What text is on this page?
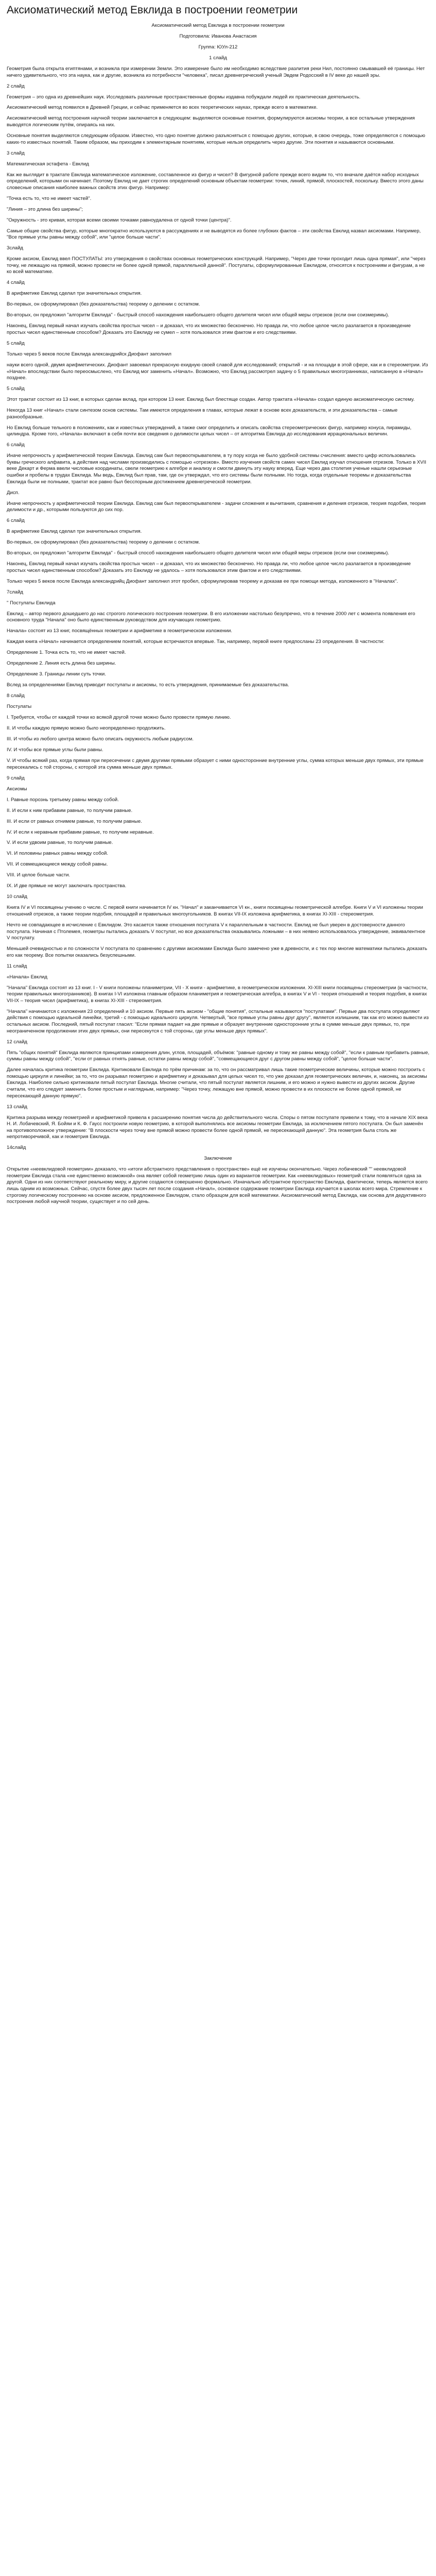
Аксиоматический метод Евклида в построении геометрии

Аксиоматический метод Евклида в построении геометрии

Подготовила: Иванова Анастасия

Группа: ЮУл-212

1 слайд

Геометрия была открыта египтянами, и возникла при измерении Земли. Это измерение было им необходимо вследствие разлития реки Нил, постоянно смывавшей её границы. Нет ничего удивительного, что эта наука, как и другие, возникла из потребности "человека", писал древнегреческий ученый Эвдем Родосский в IV веке до нашей эры.

2 слайд

Геометрия – это одна из древнейших наук. Исследовать различные пространственные формы издавна побуждали людей их практическая деятельность.

Аксиоматический метод появился в Древней Греции, и сейчас применяется во всех теоретических науках, прежде всего в математике.

Аксиоматический метод построения научной теории заключается в следующем: выделяются основные понятия, формулируются аксиомы теории, а все остальные утверждения выводятся логическим путём, опираясь на них.

Основные понятия выделяются следующим образом. Известно, что одно понятие должно разъясняться с помощью других, которые, в свою очередь, тоже определяются с помощью каких-то известных понятий. Таким образом, мы приходим к элементарным понятиям, которые нельзя определить через другие. Эти понятия и называются основными.

3 слайд

Математическая эстафета - Евклид

Как же выглядит в трактате Евклида математическое изложение, составленное из фигур и чисел? В фигурной работе прежде всего видим то, что вначале даётся набор исходных определений, которыми он начинает. Поэтому Евклид не дает строгих определений основным объектам геометрии: точек, линий, прямой, плоскостей, поскольку. Вместо этого даны словесные описания наиболее важных свойств этих фигур. Например:

"Точка есть то, что не имеет частей".

"Линия – это длина без ширины";

"Окружность - это кривая, которая всеми своими точками равноудалена от одной точки (центра)".

Самые общие свойства фигур, которые многократно используются в рассуждениях и не выводятся из более глубоких фактов – эти свойства Евклид назвал аксиомами. Например, "Все прямые углы равны между собой", или "целое больше части".

3слайд

Кроме аксиом, Евклид ввел ПОСТУЛАТЫ: это утверждения о свойствах основных геометрических конструкций. Например, "Через две точки проходит лишь одна прямая", или "через точку, не лежащую на прямой, можно провести не более одной прямой, параллельной данной". Постулаты, сформулированные Евклидом, относятся к построениям и фигурам, а не ко всей математике.

4 слайд

В арифметике Евклид сделал три значительных открытия.

Во-первых, он сформулировал (без доказательства) теорему о делении с остатком.

Во-вторых, он предложил "алгоритм Евклида" - быстрый способ нахождения наибольшего общего делителя чисел или общей меры отрезков (если они соизмеримы).

Наконец, Евклид первый начал изучать свойства простых чисел – и доказал, что их множество бесконечно. Но правда ли, что любое целое число разлагается в произведение простых чисел единственным способом? Доказать это Евклиду не сумел – хотя пользовался этим фактом и его следствиями.

5 слайд

Только через 5 веков после Евклида александрийск Диофант заполнил

науки всего одной, двумя арифметических. Диофант завоевал прекрасную ехидную своей славой для исследований; открытий - и на площади в этой сфере, как и в стереометрии. Из «Начал» впоследствии было переосмыслено, что Евклид мог заменить «Начал». Возможно, что Евклид рассмотрел задачу о 5 правильных многогранниках, написанную в «Начал» позднее.

5 слайд

Этот трактат состоит из 13 книг, в которых сделан вклад, при котором 13 книг. Евклид был блестяще создан. Автор трактата «Начала» создал единую аксиоматическую систему.

Некогда 13 книг «Начал» стали синтезом основ системы. Там имеются определения в главах, которые лежат в основе всех доказательств, и эти доказательства – самые разнообразные.

Но Евклид больше тельного в положениях, как и известных утверждений, а также смог определить и описать свойства стереометрических фигур, например конуса, пирамиды, цилиндра. Кроме того, «Начала» включают в себя почти все сведения о делимости целых чисел – от алгоритма Евклида до исследования иррациональных величин.

6 слайд

Иначе непрочность у арифметической теории Евклида. Евклид сам был первооткрывателем, в ту пору когда не было удобной системы счисления: вместо цифр использовались буквы греческого алфавита, а действия над числами производились с помощью «отрезков». Вместо изучения свойств самих чисел Евклид изучал отношения отрезков. Только в XVII веке Декарт и Ферма ввели числовые координаты, свели геометрию к алгебре и анализу и смогли двинуть эту науку вперед. Еще через два столетия ученые нашли серьезные ошибки и пробелы в трудах Евклида. Мы ведь, Евклид был прав, там, где он утверждал, что его системы были полными. Но тогда, когда отдельные теоремы и доказательства Евклида были не полными, трактат все равно был бесспорным достижением древнегреческой геометрии.

Дисп.

Иначе непрочность у арифметической теории Евклида. Евклид сам был первооткрывателем - задачи сложения и вычитания, сравнения и деления отрезков, теория подобия, теория делимости и др., которыми пользуются до сих пор.

6 слайд

В арифметике Евклид сделал три значительных открытия.

Во-первых, он сформулировал (без доказательства) теорему о делении с остатком.

Во-вторых, он предложил "алгоритм Евклида" - быстрый способ нахождения наибольшего общего делителя чисел или общей меры отрезков (если они соизмеримы).

Наконец, Евклид первый начал изучать свойства простых чисел – и доказал, что их множество бесконечно. Но правда ли, что любое целое число разлагается в произведение простых чисел единственным способом? Доказать это Евклиду не удалось – хотя пользовался этим фактом и его следствиями.

Только через 5 веков после Евклида александрийц Диофант заполнил этот пробел, сформулировав теорему и доказав ее при помощи метода, изложенного в "Началах".

7слайд

" Постулаты Евклида

Евклид – автор первого дошедшего до нас строгого логического построения геометрии. В его изложении настолько безупречно, что в течение 2000 лет с момента появления его основного труда "Начала" оно было единственным руководством для изучающих геометрию.

Начала» состоят из 13 книг, посвящённых геометрии и арифметике в геометрическом изложении.

Каждая книга «Начал» начинается определением понятий, которые встречаются впервые. Так, например, первой книге предпосланы 23 определения. В частности:

Определение 1. Точка есть то, что не имеет частей.

Определение 2. Линия есть длина без ширины.

Определение 3. Границы линии суть точки.

Вслед за определениями Евклид приводит постулаты и аксиомы, то есть утверждения, принимаемые без доказательства.

8 слайд

Постулаты

I. Требуется, чтобы от каждой точки ко всякой другой точке можно было провести прямую линию.

II. И чтобы каждую прямую можно было неопределенно продолжить.

III. И чтобы из любого центра можно было описать окружность любым радиусом.

IV. И чтобы все прямые углы были равны.

V. И чтобы всякий раз, когда прямая при пересечении с двумя другими прямыми образует с ними односторонние внутренние углы, сумма которых меньше двух прямых, эти прямые пересекались с той стороны, с которой эта сумма меньше двух прямых.

9 слайд

Аксиомы

I. Равные порознь третьему равны между собой.

II. И если к ним прибавим равные, то получим равные.

III. И если от равных отнимем равные, то получим равные.

IV. И если к неравным прибавим равные, то получим неравные.

V. И если удвоим равные, то получим равные.

VI. И половины равных равны между собой.

VII. И совмещающиеся между собой равны.

VIII. И целое больше части.

IX. И две прямые не могут заключать пространства.

10 слайд

Книга IV и VI посвящены учению о числе. С первой книги начинается IV кн. "Начал" и заканчивается VI кн., книги посвящены геометрической алгебре. Книги V и VI изложены теории отношений отрезков, а также теории подобия, площадей и правильных многоугольников. В книгах VII-IX изложена арифметика, в книгах XI-XIII - стереометрия.

Нечто не совпадающее в исчисление с Евклидом. Это касается также отношения постулата V к параллельным в частности. Евклид не был уверен в достоверности данного постулата. Начиная с Птолемея, геометры пытались доказать V постулат, но все доказательства оказывались ложными – в них неявно использовалось утверждение, эквивалентное V постулату.

Меньшей очевидностью и по сложности V постулата по сравнению с другими аксиомами Евклида было замечено уже в древности, и с тех пор многие математики пытались доказать его как теорему. Все попытки оказались безуспешными.

11 слайд

«Начала» Евклид

"Начала" Евклида состоят из 13 книг. I - V книги положены планиметрии, VII - X книги - арифметике, в геометрическом изложении. XI-XIII книги посвящены стереометрии (в частности, теории правильных многогранников). В книгах I-VI изложена главным образом планиметрия и геометрическая алгебра, в книгах V и VI - теория отношений и теория подобия, в книгах VII-IX – теория чисел (арифметика), в книгах XI-XIII - стереометрия.

"Начала" начинаются с изложения 23 определений и 10 аксиом. Первые пять аксиом - "общие понятия", остальные называются "постулатами". Первые два постулата определяют действия с помощью идеальной линейки, третий - с помощью идеального циркуля. Четвертый, "все прямые углы равны друг другу", является излишним, так как его можно вывести из остальных аксиом. Последний, пятый постулат гласил: "Если прямая падает на две прямые и образует внутренние односторонние углы в сумме меньше двух прямых, то, при неограниченном продолжении этих двух прямых, они пересекутся с той стороны, где углы меньше двух прямых".

12 слайд

Пять "общих понятий" Евклида являются принципами измерения длин, углов, площадей, объёмов: "равные одному и тому же равны между собой", "если к равным прибавить равные, суммы равны между собой", "если от равных отнять равные, остатки равны между собой", "совмещающиеся друг с другом равны между собой", "целое больше части".

Далее началась критика геометрии Евклида. Критиковали Евклида по трём причинам: за то, что он рассматривал лишь такие геометрические величины, которые можно построить с помощью циркуля и линейки; за то, что он разрывал геометрию и арифметику и доказывал для целых чисел то, что уже доказал для геометрических величин, и, наконец, за аксиомы Евклида. Наиболее сильно критиковали пятый постулат Евклида. Многие считали, что пятый постулат является лишним, и его можно и нужно вывести из других аксиом. Другие считали, что его следует заменить более простым и наглядным, например: "Через точку, лежащую вне прямой, можно провести в их плоскости не более одной прямой, не пересекающей данную прямую".

13 слайд

Критика разрыва между геометрией и арифметикой привела к расширению понятия числа до действительного числа. Споры о пятом постулате привели к тому, что в начале XIX века Н. И. Лобачевский, Я. Бойяи и К. Ф. Гаусс построили новую геометрию, в которой выполнялись все аксиомы геометрии Евклида, за исключением пятого постулата. Он был заменён на противоположное утверждение: "В плоскости через точку вне прямой можно провести более одной прямой, не пересекающей данную". Эта геометрия была столь же непротиворечивой, как и геометрия Евклида.

14слайд

Заключение

Открытие «неевклидовой геометрии» доказало, что «итоги абстрактного представления о пространстве» ещё не изучены окончательно. Через лобачевский "" неевклидовой геометрии Евклида стала «не единственно возможной» она являет собой геометрию лишь один из вариантов геометрии. Как «неевклидовых» геометрий стали появляться одна за другой. Одни из них соответствуют реальному миру, и другие создаются совершенно формально. Изначально абстрактное пространство Евклида, фактически, теперь является всего лишь одним из возможных. Сейчас, спустя более двух тысяч лет после создания «Начал», основное содержание геометрии Евклида изучается в школах всего мира. Стремление к строгому логическому построению на основе аксиом, предложенное Евклидом, стало образцом для всей математики. Аксиоматический метод Евклида, как основа для дедуктивного построения любой научной теории, существует и по сей день.
